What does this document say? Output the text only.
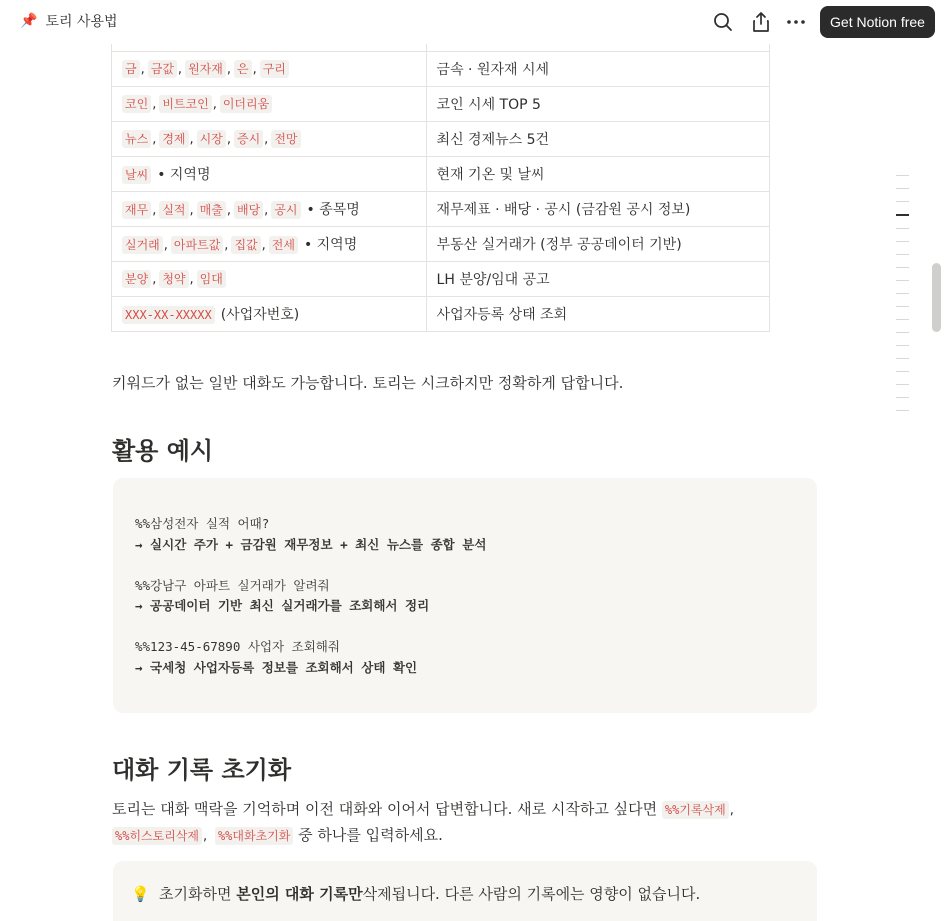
📌 토리 사용법	Get Notion free

금 , 금값 , 원자재 , 은 , 구리	금속 · 원자재 시세
코인 , 비트코인 , 이더리움	코인 시세 TOP 5
뉴스 , 경제 , 시장 , 증시 , 전망	최신 경제뉴스 5건
날씨 • 지역명	현재 기온 및 날씨
재무 , 실적 , 매출 , 배당 , 공시 • 종목명	재무제표 · 배당 · 공시 (금감원 공시 정보)
실거래 , 아파트값 , 집값 , 전세 • 지역명	부동산 실거래가 (정부 공공데이터 기반)
분양 , 청약 , 임대	LH 분양/임대 공고
XXX-XX-XXXXX (사업자번호)	사업자등록 상태 조회
키워드가 없는 일반 대화도 가능합니다. 토리는 시크하지만 정확하게 답합니다.
활용 예시
%%삼성전자 실적 어때?
→ 실시간 주가 + 금감원 재무정보 + 최신 뉴스를 종합 분석
%%강남구 아파트 실거래가 알려줘
→ 공공데이터 기반 최신 실거래가를 조회해서 정리
%%123-45-67890 사업자 조회해줘
→ 국세청 사업자등록 정보를 조회해서 상태 확인
대화 기록 초기화
토리는 대화 맥락을 기억하며 이전 대화와 이어서 답변합니다. 새로 시작하고 싶다면 %%기록삭제 , %%히스토리삭제 , %%대화초기화 중 하나를 입력하세요.
💡 초기화하면 본인의 대화 기록만삭제됩니다. 다른 사람의 기록에는 영향이 없습니다.
